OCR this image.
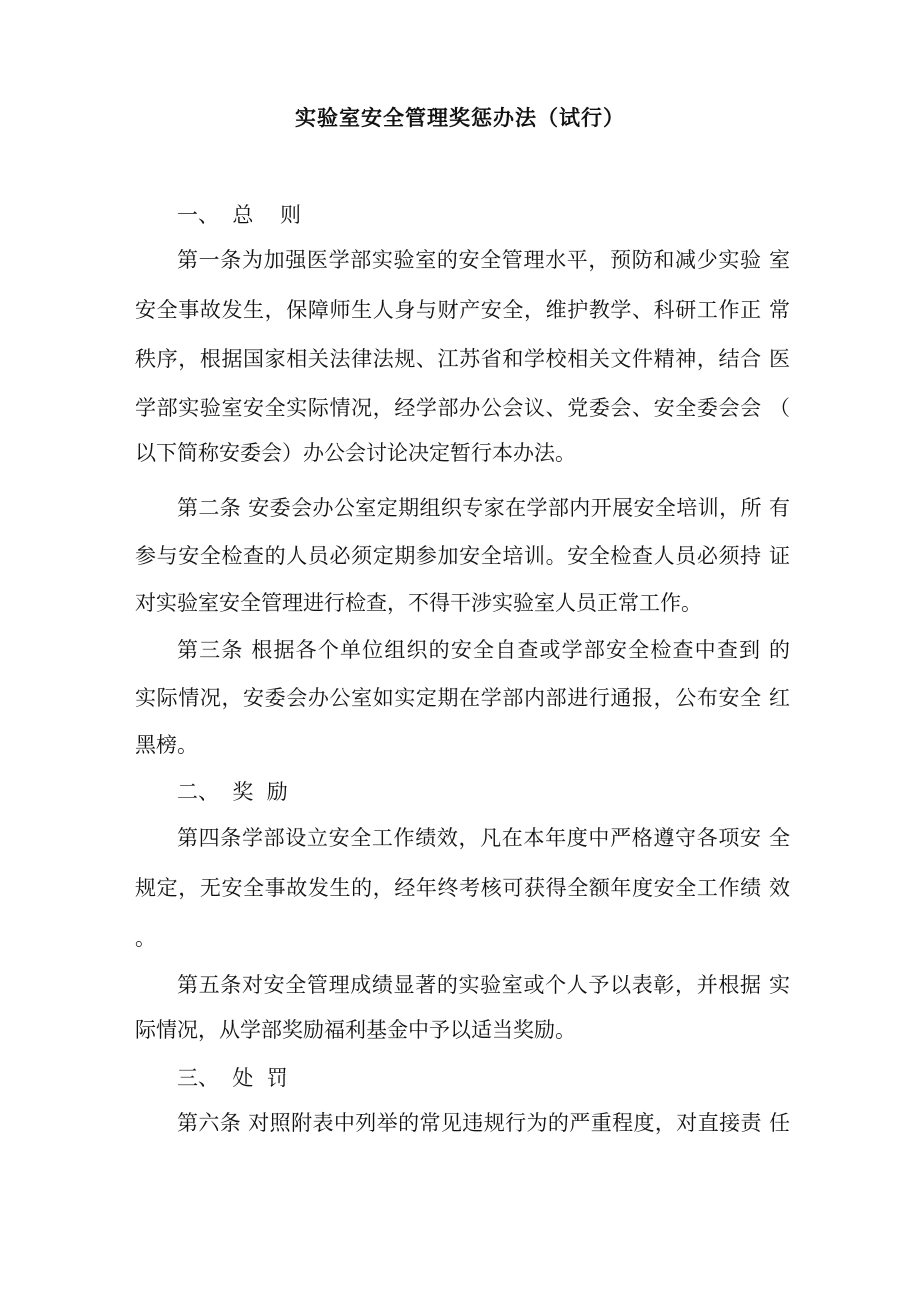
实验室安全管理奖惩办法（试行）
一、  总    则
第一条为加强医学部实验室的安全管理水平，预防和减少实验 室
安全事故发生，保障师生人身与财产安全，维护教学、科研工作正 常
秩序，根据国家相关法律法规、江苏省和学校相关文件精神，结合 医
学部实验室安全实际情况，经学部办公会议、党委会、安全委会会 （
以下简称安委会）办公会讨论决定暂行本办法。
第二条 安委会办公室定期组织专家在学部内开展安全培训，所 有
参与安全检查的人员必须定期参加安全培训。安全检查人员必须持 证
对实验室安全管理进行检查，不得干涉实验室人员正常工作。
第三条 根据各个单位组织的安全自查或学部安全检查中查到 的
实际情况，安委会办公室如实定期在学部内部进行通报，公布安全 红
黑榜。
二、  奖  励
第四条学部设立安全工作绩效，凡在本年度中严格遵守各项安 全
规定，无安全事故发生的，经年终考核可获得全额年度安全工作绩 效
。
第五条对安全管理成绩显著的实验室或个人予以表彰，并根据 实
际情况，从学部奖励福利基金中予以适当奖励。
三、  处  罚
第六条 对照附表中列举的常见违规行为的严重程度，对直接责 任
